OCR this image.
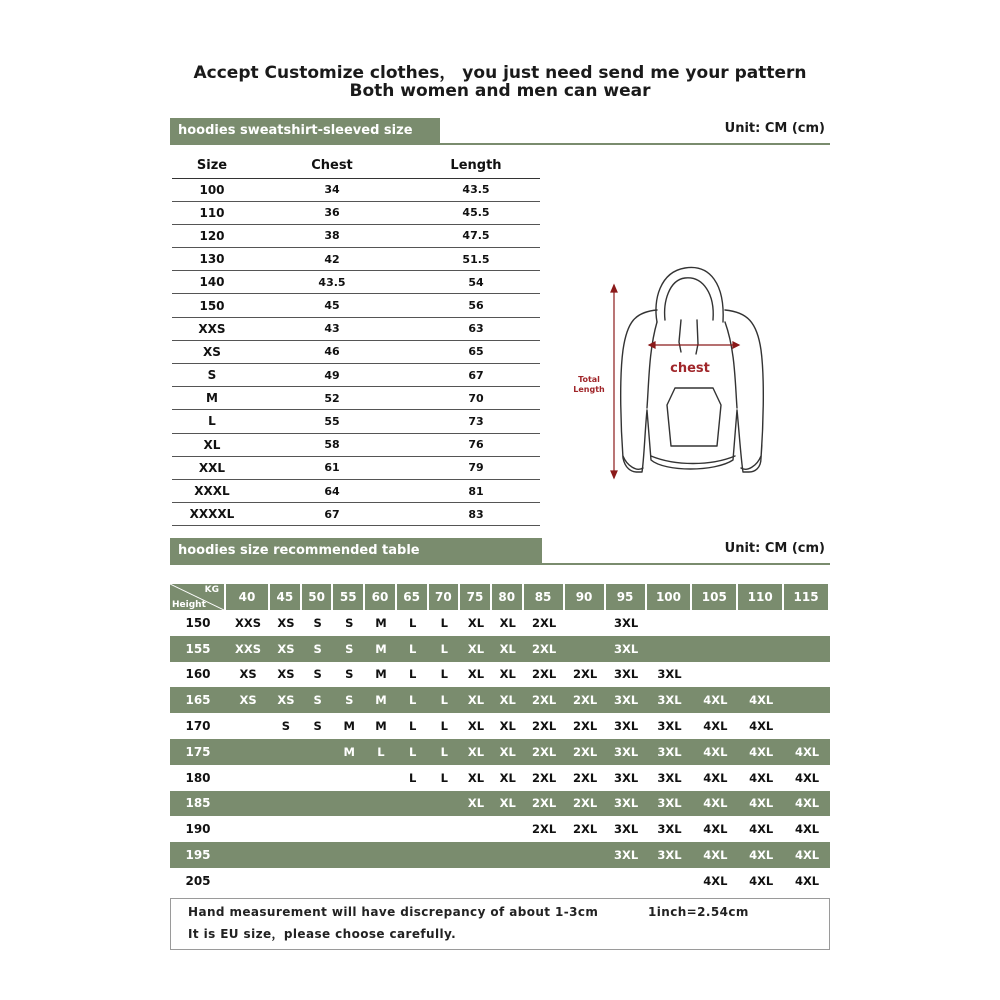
Accept Customize clothes， you just need send me your pattern
Both women and men can wear
hoodies sweatshirt-sleeved size table
Unit: CM (cm)
Size	Chest	Length
100	34	43.5
110	36	45.5
120	38	47.5
130	42	51.5
140	43.5	54
150	45	56
XXS	43	63
XS	46	65
S	49	67
M	52	70
L	55	73
XL	58	76
XXL	61	79
XXXL	64	81
XXXXL	67	83
chest
Total
Length
hoodies size recommended table	Unit: CM (cm)
KG
Height	40	45	50	55	60	65	70	75	80	85	90	95	100	105	110	115
150	XXS	XS	S	S	M	L	L	XL	XL	2XL		3XL				
155	XXS	XS	S	S	M	L	L	XL	XL	2XL		3XL				
160	XS	XS	S	S	M	L	L	XL	XL	2XL	2XL	3XL	3XL			
165	XS	XS	S	S	M	L	L	XL	XL	2XL	2XL	3XL	3XL	4XL	4XL	
170		S	S	M	M	L	L	XL	XL	2XL	2XL	3XL	3XL	4XL	4XL	
175				M	L	L	L	XL	XL	2XL	2XL	3XL	3XL	4XL	4XL	4XL
180						L	L	XL	XL	2XL	2XL	3XL	3XL	4XL	4XL	4XL
185								XL	XL	2XL	2XL	3XL	3XL	4XL	4XL	4XL
190										2XL	2XL	3XL	3XL	4XL	4XL	4XL
195												3XL	3XL	4XL	4XL	4XL
205														4XL	4XL	4XL
Hand measurement will have discrepancy of about 1-3cm	1inch=2.54cm
It is EU size，please choose carefully.
